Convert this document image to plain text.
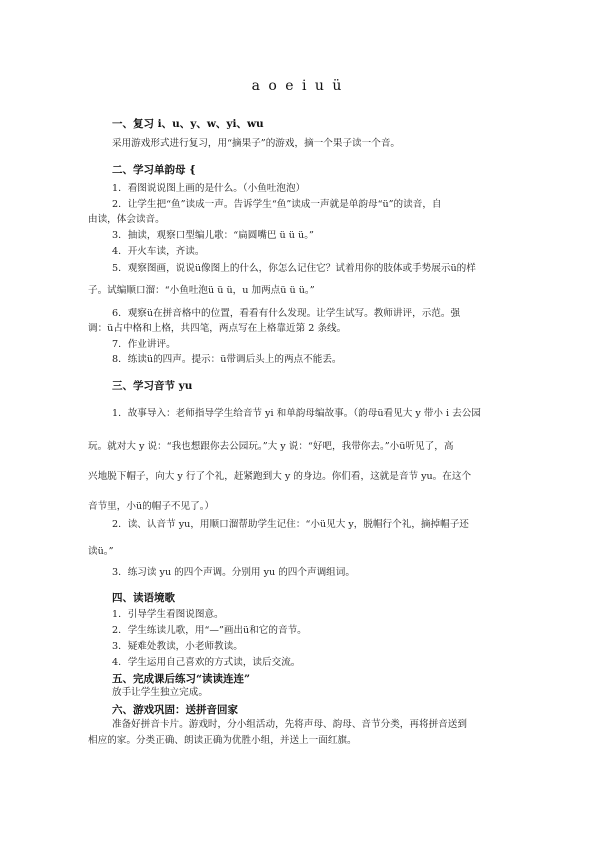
a o e i u ü
一、复习 i、u、y、w、yi、wu
采用游戏形式进行复习，用“摘果子”的游戏，摘一个果子读一个音。
二、学习单韵母 {
1．看图说说图上画的是什么。（小鱼吐泡泡）
2．让学生把“鱼”读成一声。告诉学生“鱼”读成一声就是单韵母“ü”的读音，自
由读，体会读音。
3．抽读，观察口型编儿歌：“扁圆嘴巴 ü ü ü。”
4．开火车读，齐读。
5．观察图画，说说ü像图上的什么，你怎么记住它？试着用你的肢体或手势展示ü的样
子。试编顺口溜：“小鱼吐泡ü ü ü，u 加两点ü ü ü。”
6．观察ü在拼音格中的位置，看看有什么发现。让学生试写。教师讲评，示范。强
调：ü占中格和上格，共四笔，两点写在上格靠近第 2 条线。
7．作业讲评。
8．练读ü的四声。提示：ü带调后头上的两点不能丢。
三、学习音节 yu
1．故事导入：老师指导学生给音节 yi 和单韵母编故事。（韵母ü看见大 y 带小 i 去公园
玩。就对大 y 说：“我也想跟你去公园玩。”大 y 说：“好吧，我带你去。”小ü听见了，高
兴地脱下帽子，向大 y 行了个礼，赶紧跑到大 y 的身边。你们看，这就是音节 yu。在这个
音节里，小ü的帽子不见了。）
2．读、认音节 yu，用顺口溜帮助学生记住：“小ü见大 y，脱帽行个礼，摘掉帽子还
读ü。”
3．练习读 yu 的四个声调。分别用 yu 的四个声调组词。
四、读语境歌
1．引导学生看图说图意。
2．学生练读儿歌，用“—”画出ü和它的音节。
3．疑难处教读，小老师教读。
4．学生运用自己喜欢的方式读，读后交流。
五、完成课后练习“读读连连”
放手让学生独立完成。
六、游戏巩固：送拼音回家
准备好拼音卡片。游戏时，分小组活动，先将声母、韵母、音节分类，再将拼音送到
相应的家。分类正确、朗读正确为优胜小组，并送上一面红旗。
